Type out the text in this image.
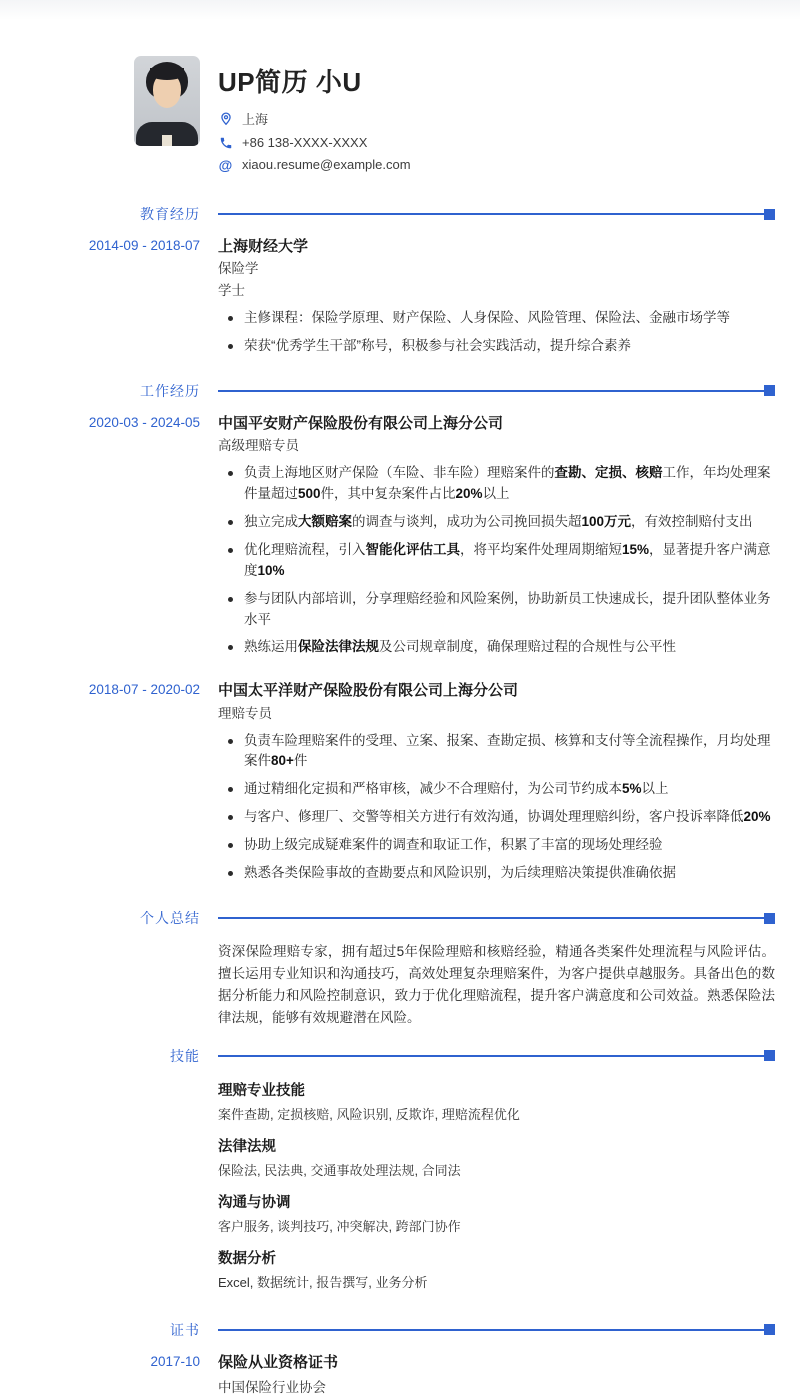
UP简历 小U
上海
+86 138-XXXX-XXXX
@ xiaou.resume@example.com
教育经历
2014-09 - 2018-07 上海财经大学
保险学
学士
主修课程：保险学原理、财产保险、人身保险、风险管理、保险法、金融市场学等
荣获“优秀学生干部”称号，积极参与社会实践活动，提升综合素养
工作经历
2020-03 - 2024-05 中国平安财产保险股份有限公司上海分公司
高级理赔专员
负责上海地区财产保险（车险、非车险）理赔案件的查勘、定损、核赔工作，年均处理案件量超过500件，其中复杂案件占比20%以上
独立完成大额赔案的调查与谈判，成功为公司挽回损失超100万元，有效控制赔付支出
优化理赔流程，引入智能化评估工具，将平均案件处理周期缩短15%，显著提升客户满意度10%
参与团队内部培训，分享理赔经验和风险案例，协助新员工快速成长，提升团队整体业务水平
熟练运用保险法律法规及公司规章制度，确保理赔过程的合规性与公平性
2018-07 - 2020-02 中国太平洋财产保险股份有限公司上海分公司
理赔专员
负责车险理赔案件的受理、立案、报案、查勘定损、核算和支付等全流程操作，月均处理案件80+件
通过精细化定损和严格审核，减少不合理赔付，为公司节约成本5%以上
与客户、修理厂、交警等相关方进行有效沟通，协调处理理赔纠纷，客户投诉率降低20%
协助上级完成疑难案件的调查和取证工作，积累了丰富的现场处理经验
熟悉各类保险事故的查勘要点和风险识别，为后续理赔决策提供准确依据
个人总结

资深保险理赔专家，拥有超过5年保险理赔和核赔经验，精通各类案件处理流程与风险评估。擅长运用专业知识和沟通技巧，高效处理复杂理赔案件，为客户提供卓越服务。具备出色的数据分析能力和风险控制意识，致力于优化理赔流程，提升客户满意度和公司效益。熟悉保险法律法规，能够有效规避潜在风险。

技能
理赔专业技能
案件查勘, 定损核赔, 风险识别, 反欺诈, 理赔流程优化
法律法规
保险法, 民法典, 交通事故处理法规, 合同法
沟通与协调
客户服务, 谈判技巧, 冲突解决, 跨部门协作
数据分析
Excel, 数据统计, 报告撰写, 业务分析
证书
2017-10 保险从业资格证书
中国保险行业协会
